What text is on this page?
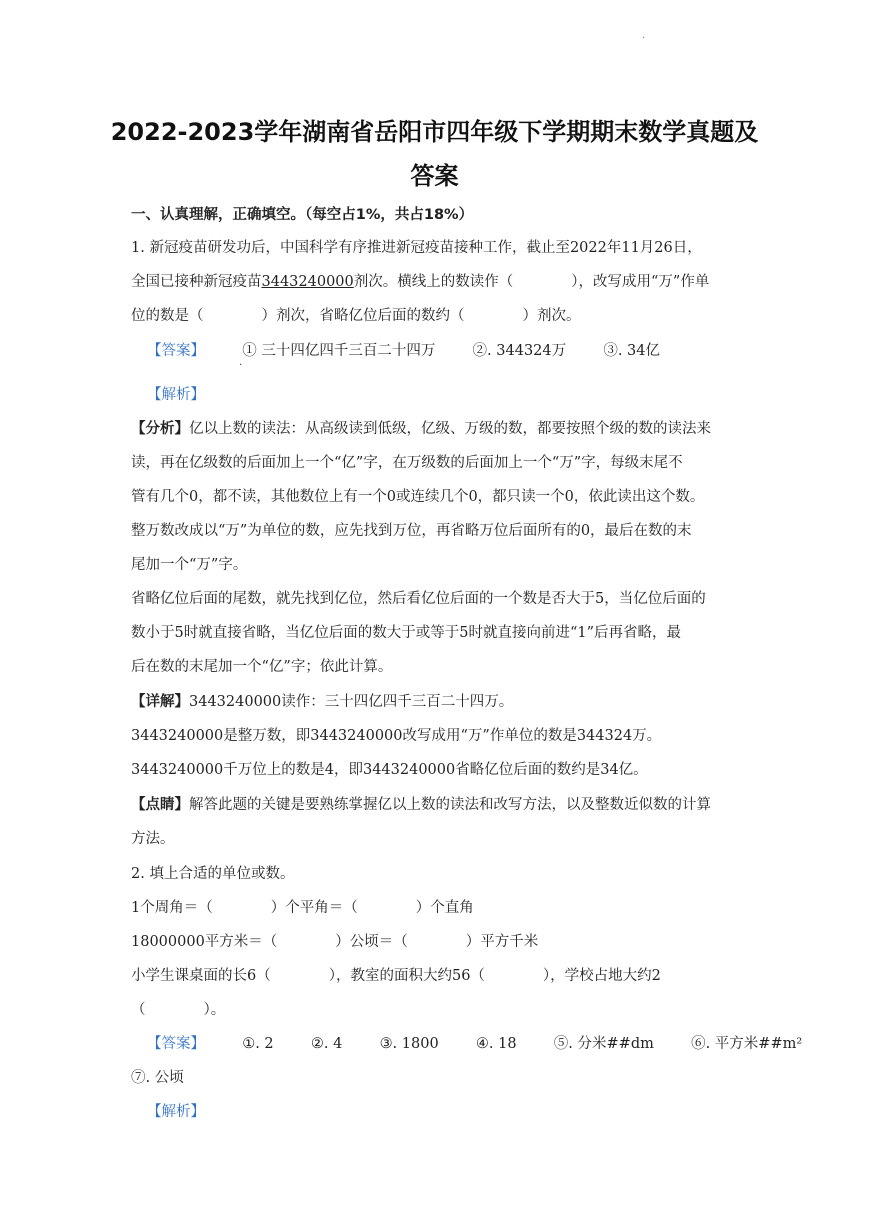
.
2022-2023学年湖南省岳阳市四年级下学期期末数学真题及
答案
一、认真理解，正确填空。（每空占1%，共占18%）
1. 新冠疫苗研发功后，中国科学有序推进新冠疫苗接种工作，截止至2022年11月26日，
全国已接种新冠疫苗3443240000剂次。横线上的数读作（　　　　），改写成用“万”作单
位的数是（　　　　）剂次，省略亿位后面的数约（　　　　）剂次。
【答案】	① 三十四亿四千三百二十四万	②. 344324万	③. 34亿
.
【解析】
【分析】亿以上数的读法：从高级读到低级，亿级、万级的数，都要按照个级的数的读法来
读，再在亿级数的后面加上一个“亿”字，在万级数的后面加上一个“万”字，每级末尾不
管有几个0，都不读，其他数位上有一个0或连续几个0，都只读一个0，依此读出这个数。
整万数改成以“万”为单位的数，应先找到万位，再省略万位后面所有的0，最后在数的末
尾加一个“万”字。
省略亿位后面的尾数，就先找到亿位，然后看亿位后面的一个数是否大于5，当亿位后面的
数小于5时就直接省略，当亿位后面的数大于或等于5时就直接向前进“1”后再省略，最
后在数的末尾加一个“亿”字；依此计算。
【详解】3443240000读作：三十四亿四千三百二十四万。
3443240000是整万数，即3443240000改写成用“万”作单位的数是344324万。
3443240000千万位上的数是4，即3443240000省略亿位后面的数约是34亿。
【点睛】解答此题的关键是要熟练掌握亿以上数的读法和改写方法，以及整数近似数的计算
方法。
2. 填上合适的单位或数。
1个周角＝（　　　　）个平角＝（　　　　）个直角
18000000平方米＝（　　　　）公顷＝（　　　　）平方千米
小学生课桌面的长6（　　　　），教室的面积大约56（　　　　），学校占地大约2
（　　　　）。
【答案】	①. 2	②. 4	③. 1800	④. 18	⑤. 分米##dm	⑥. 平方米##m²
⑦. 公顷
【解析】
